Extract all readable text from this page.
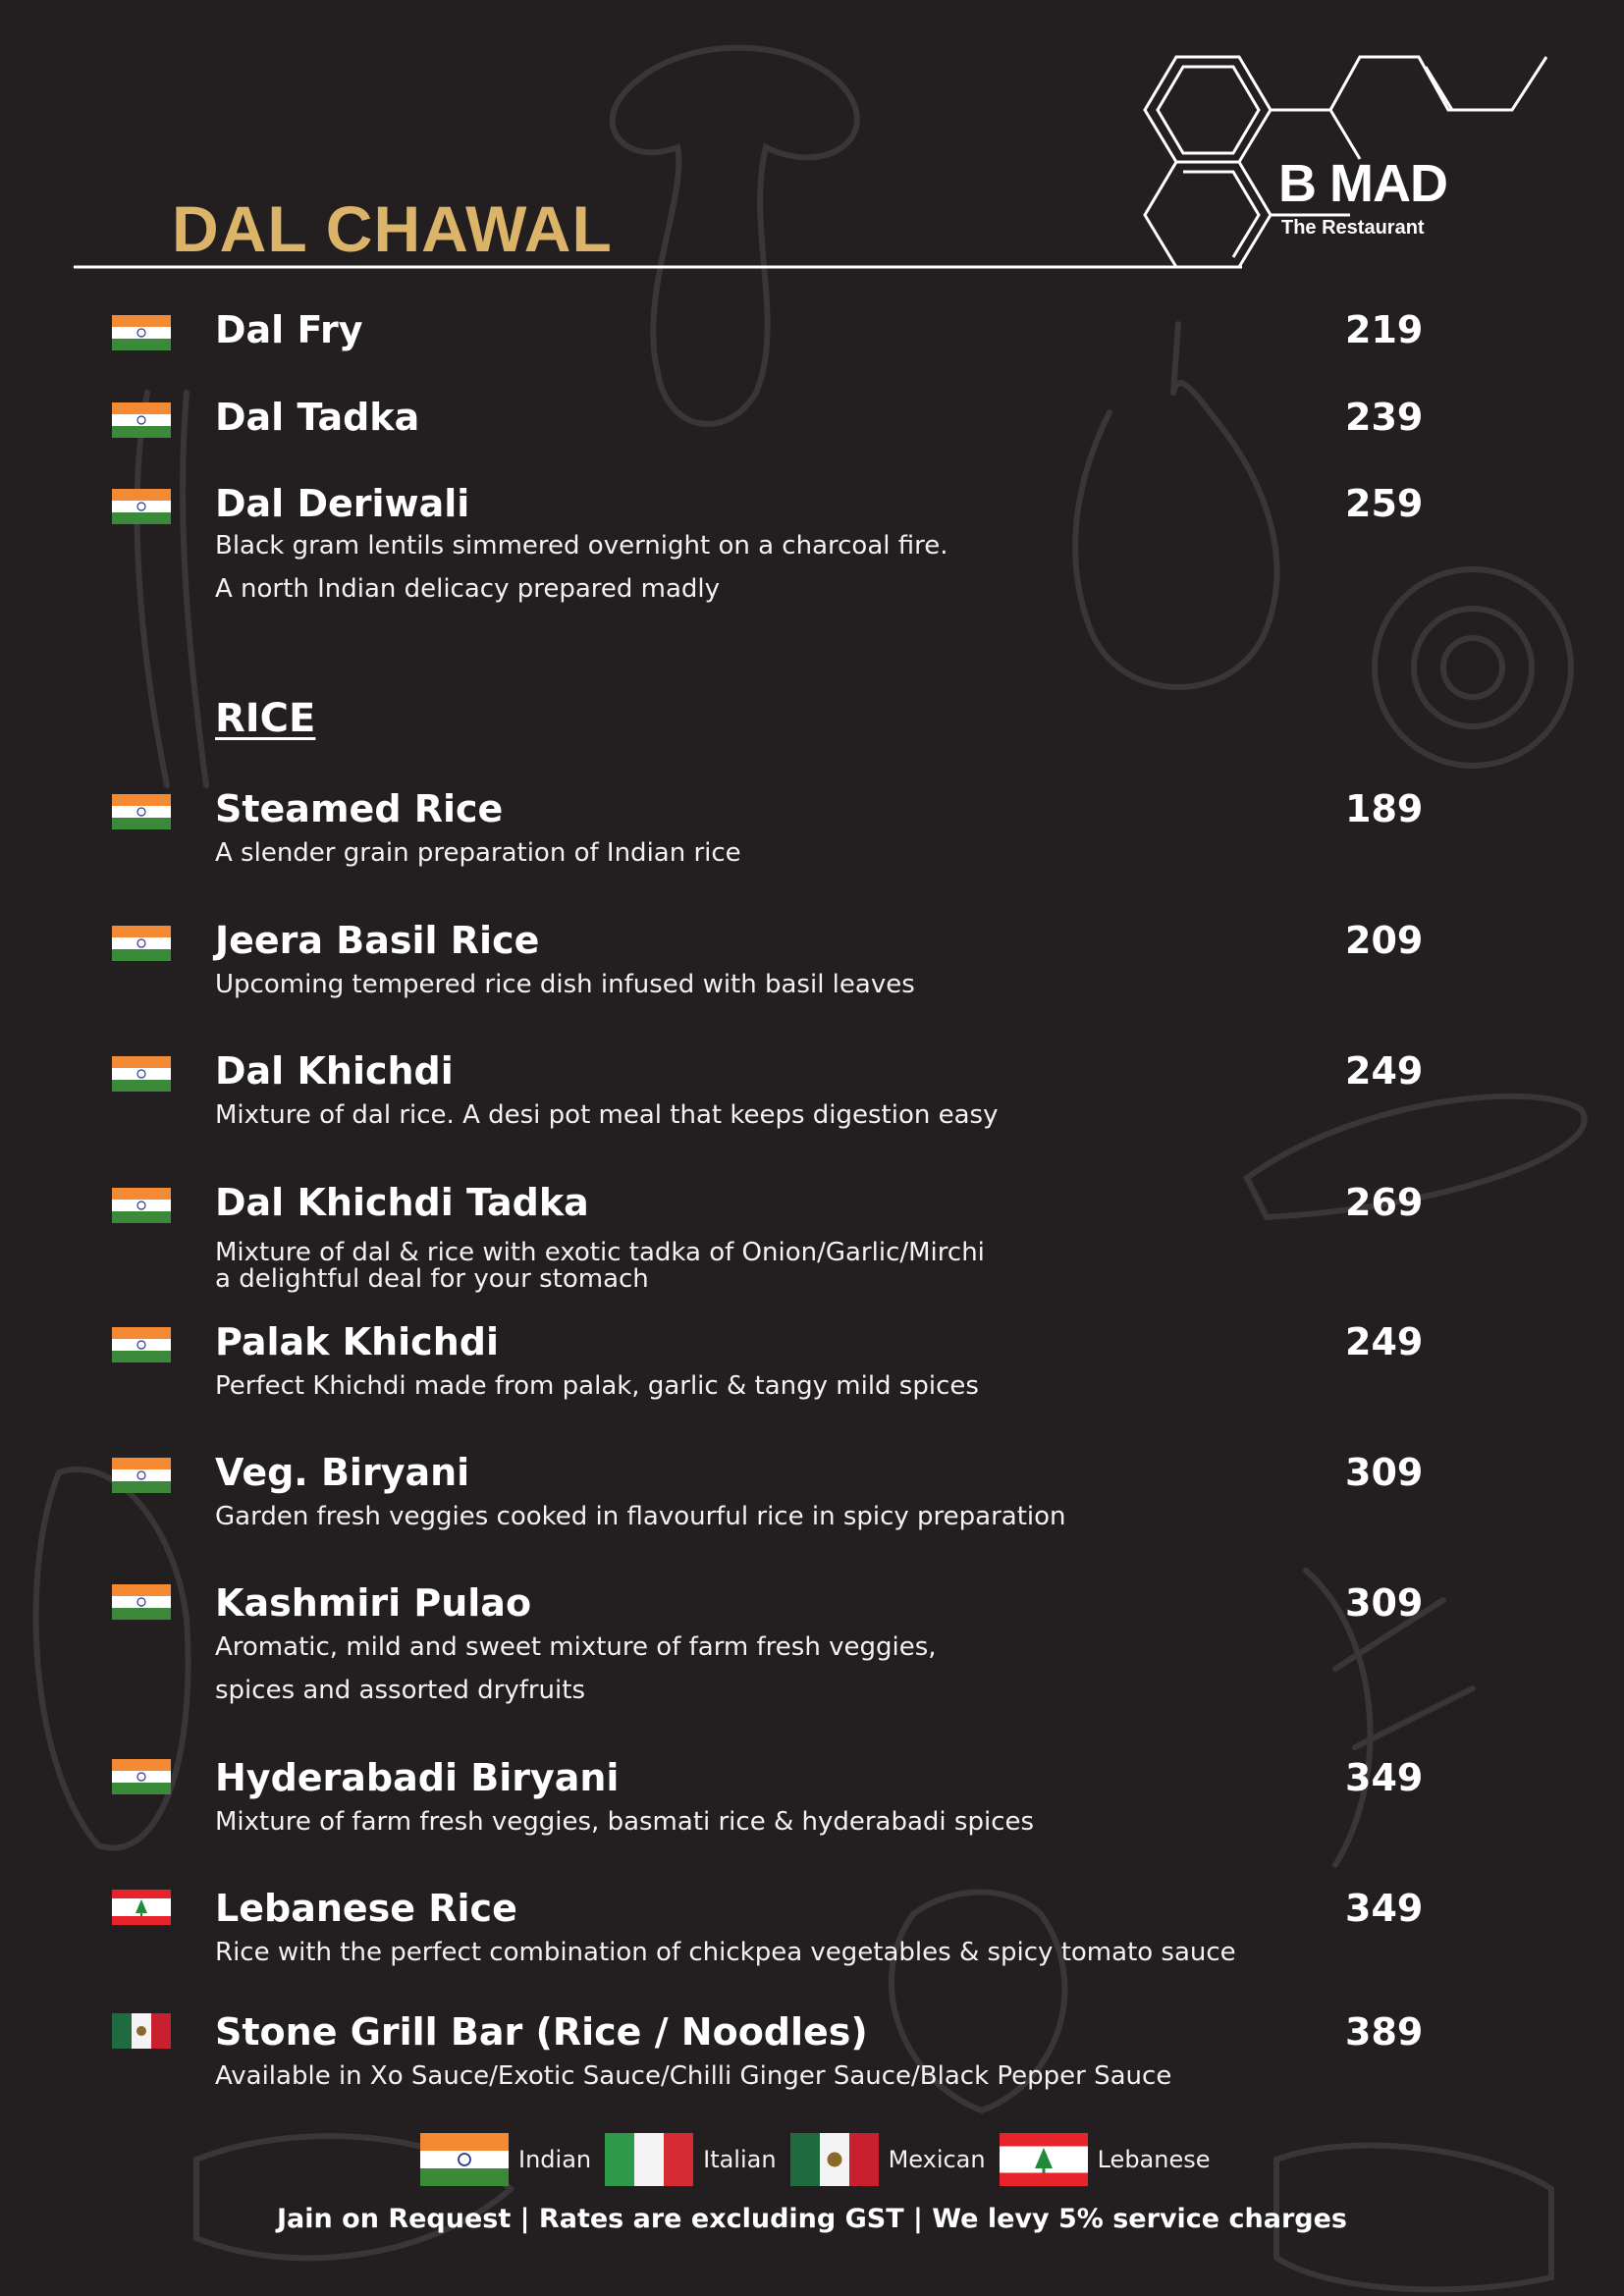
B MAD
The Restaurant
DAL CHAWAL
Dal Fry	219
Dal Tadka	239
Dal Deriwali	259
Black gram lentils simmered overnight on a charcoal fire.
A north Indian delicacy prepared madly
RICE
Steamed Rice	189
A slender grain preparation of Indian rice
Jeera Basil Rice	209
Upcoming tempered rice dish infused with basil leaves
Dal Khichdi	249
Mixture of dal rice. A desi pot meal that keeps digestion easy
Dal Khichdi Tadka	269
Mixture of dal & rice with exotic tadka of Onion/Garlic/Mirchi
a delightful deal for your stomach
Palak Khichdi	249
Perfect Khichdi made from palak, garlic & tangy mild spices
Veg. Biryani	309
Garden fresh veggies cooked in flavourful rice in spicy preparation
Kashmiri Pulao	309
Aromatic, mild and sweet mixture of farm fresh veggies,
spices and assorted dryfruits
Hyderabadi Biryani	349
Mixture of farm fresh veggies, basmati rice & hyderabadi spices
Lebanese Rice	349
Rice with the perfect combination of chickpea vegetables & spicy tomato sauce
Stone Grill Bar (Rice / Noodles)	389
Available in Xo Sauce/Exotic Sauce/Chilli Ginger Sauce/Black Pepper Sauce
Indian	Italian	Mexican	Lebanese
Jain on Request | Rates are excluding GST | We levy 5% service charges
